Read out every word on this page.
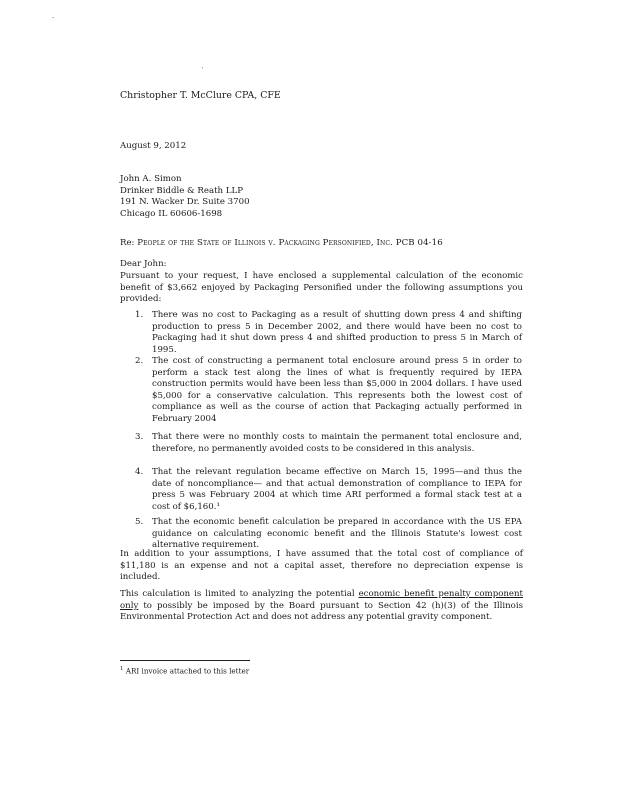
·
`
Christopher T. McClure CPA, CFE
August 9, 2012
John A. Simon
Drinker Biddle & Reath LLP
191 N. Wacker Dr. Suite 3700
Chicago IL 60606-1698
Re: People of the State of Illinois v. Packaging Personified, Inc. PCB 04-16
Dear John:
Pursuant to your request, I have enclosed a supplemental calculation of the economic benefit of $3,662 enjoyed by Packaging Personified under the following assumptions you provided:
1. There was no cost to Packaging as a result of shutting down press 4 and shifting production to press 5 in December 2002, and there would have been no cost to Packaging had it shut down press 4 and shifted production to press 5 in March of 1995.
2. The cost of constructing a permanent total enclosure around press 5 in order to perform a stack test along the lines of what is frequently required by IEPA construction permits would have been less than $5,000 in 2004 dollars. I have used $5,000 for a conservative calculation. This represents both the lowest cost of compliance as well as the course of action that Packaging actually performed in February 2004
3. That there were no monthly costs to maintain the permanent total enclosure and, therefore, no permanently avoided costs to be considered in this analysis.
4. That the relevant regulation became effective on March 15, 1995—and thus the date of noncompliance— and that actual demonstration of compliance to IEPA for press 5 was February 2004 at which time ARI performed a formal stack test at a cost of $6,160.¹
5. That the economic benefit calculation be prepared in accordance with the US EPA guidance on calculating economic benefit and the Illinois Statute's lowest cost alternative requirement.
In addition to your assumptions, I have assumed that the total cost of compliance of $11,180 is an expense and not a capital asset, therefore no depreciation expense is included.
This calculation is limited to analyzing the potential economic benefit penalty component only to possibly be imposed by the Board pursuant to Section 42 (h)(3) of the Illinois Environmental Protection Act and does not address any potential gravity component.
$^1$ ARI invoice attached to this letter
